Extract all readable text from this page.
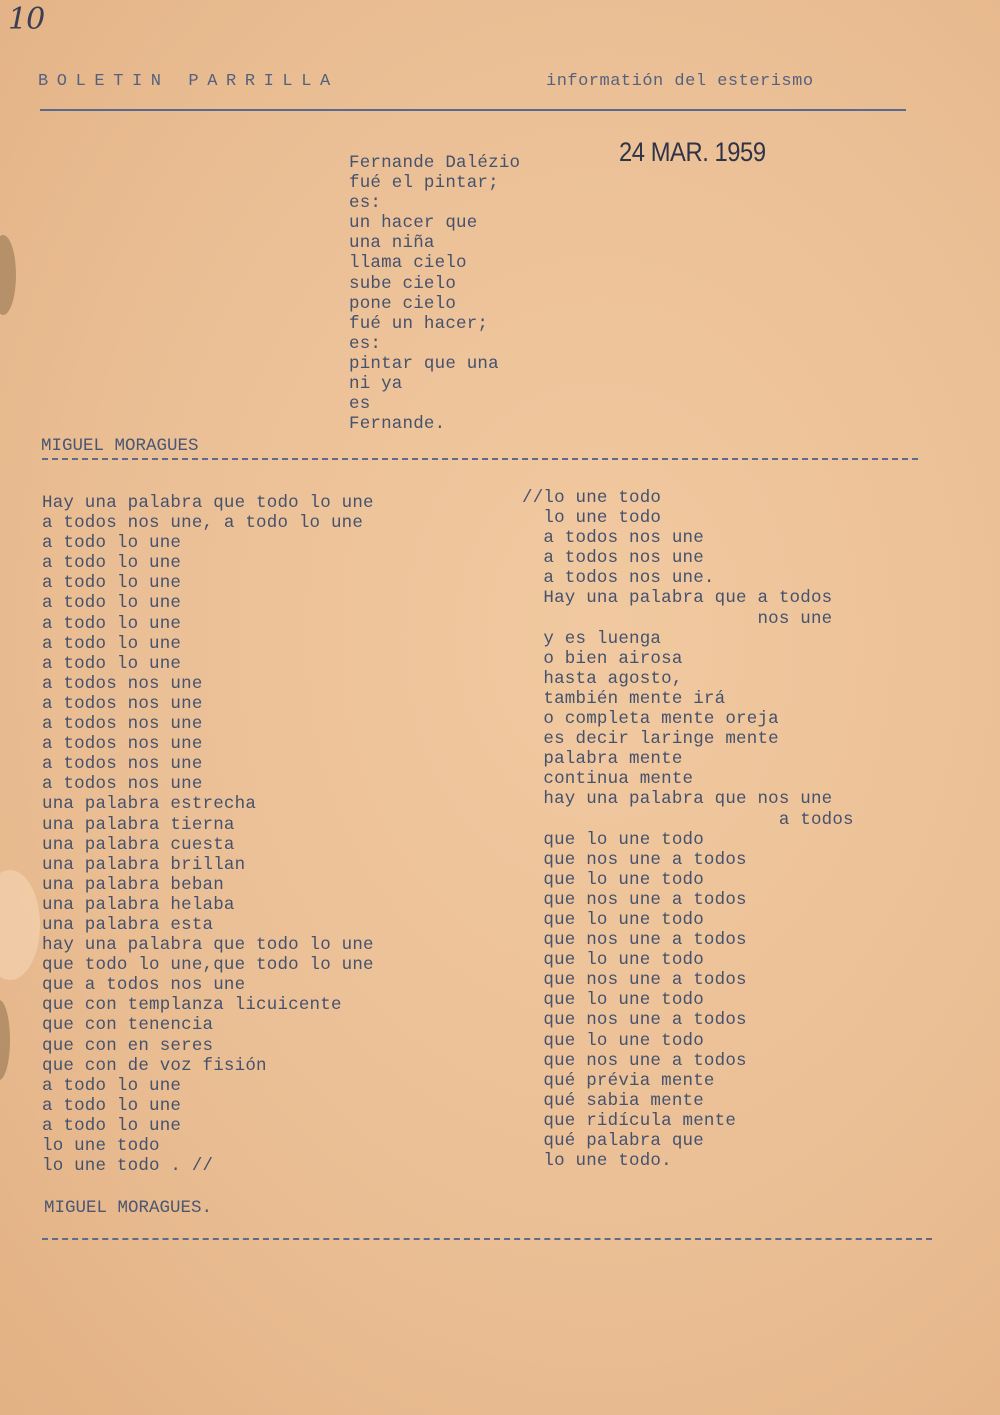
10
BOLETIN PARRILLA	informatión del esterismo
24 MAR. 1959
Fernande Dalézio
fué el pintar;
es:
un hacer que
una niña
llama cielo
sube cielo
pone cielo
fué un hacer;
es:
pintar que una
ni ya
es
Fernande.
MIGUEL MORAGUES
Hay una palabra que todo lo une
a todos nos une, a todo lo une
a todo lo une
a todo lo une
a todo lo une
a todo lo une
a todo lo une
a todo lo une
a todo lo une
a todos nos une
a todos nos une
a todos nos une
a todos nos une
a todos nos une
a todos nos une
una palabra estrecha
una palabra tierna
una palabra cuesta
una palabra brillan
una palabra beban
una palabra helaba
una palabra esta
hay una palabra que todo lo une
que todo lo une,que todo lo une
que a todos nos une
que con templanza licuicente
que con tenencia
que con en seres
que con de voz fisión
a todo lo une
a todo lo une
a todo lo une
lo une todo
lo une todo . //
//lo une todo
lo une todo
a todos nos une
a todos nos une
a todos nos une.
Hay una palabra que a todos
nos une
y es luenga
o bien airosa
hasta agosto,
también mente irá
o completa mente oreja
es decir laringe mente
palabra mente
continua mente
hay una palabra que nos une
a todos
que lo une todo
que nos une a todos
que lo une todo
que nos une a todos
que lo une todo
que nos une a todos
que lo une todo
que nos une a todos
que lo une todo
que nos une a todos
que lo une todo
que nos une a todos
qué prévia mente
qué sabia mente
que ridícula mente
qué palabra que
lo une todo.
MIGUEL MORAGUES.
